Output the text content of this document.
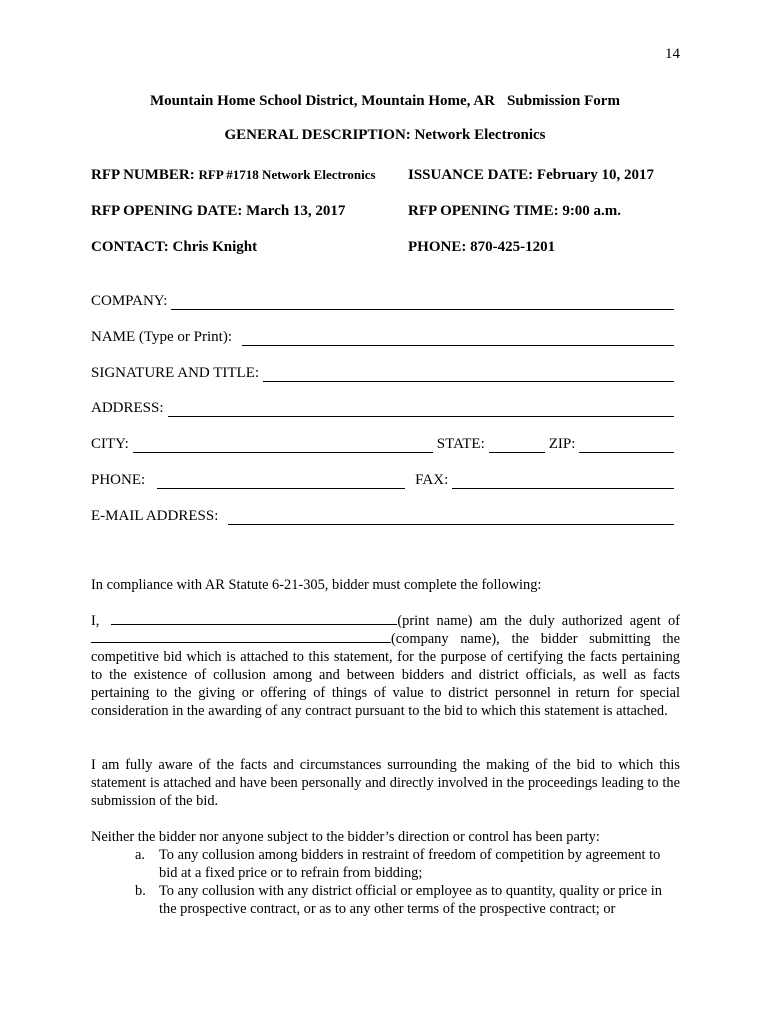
14
Mountain Home School District, Mountain Home, AR Submission Form
GENERAL DESCRIPTION: Network Electronics
RFP NUMBER: RFP #1718 Network Electronics ISSUANCE DATE: February 10, 2017
RFP OPENING DATE: March 13, 2017	RFP OPENING TIME: 9:00 a.m.
CONTACT: Chris Knight	PHONE: 870-425-1201
COMPANY:
NAME (Type or Print):
SIGNATURE AND TITLE:
ADDRESS:
CITY:	STATE:	ZIP:
PHONE:	FAX:
E-MAIL ADDRESS:
In compliance with AR Statute 6-21-305, bidder must complete the following:
I,	(print name) am the duly authorized agent of
(company name), the bidder submitting the
competitive bid which is attached to this statement, for the purpose of certifying the facts pertaining to the existence of collusion among and between bidders and district officials, as well as facts pertaining to the giving or offering of things of value to district personnel in return for special consideration in the awarding of any contract pursuant to the bid to which this statement is attached.
I am fully aware of the facts and circumstances surrounding the making of the bid to which this statement is attached and have been personally and directly involved in the proceedings leading to the submission of the bid.
Neither the bidder nor anyone subject to the bidder’s direction or control has been party:
a. To any collusion among bidders in restraint of freedom of competition by agreement to bid at a fixed price or to refrain from bidding;
b. To any collusion with any district official or employee as to quantity, quality or price in the prospective contract, or as to any other terms of the prospective contract; or
